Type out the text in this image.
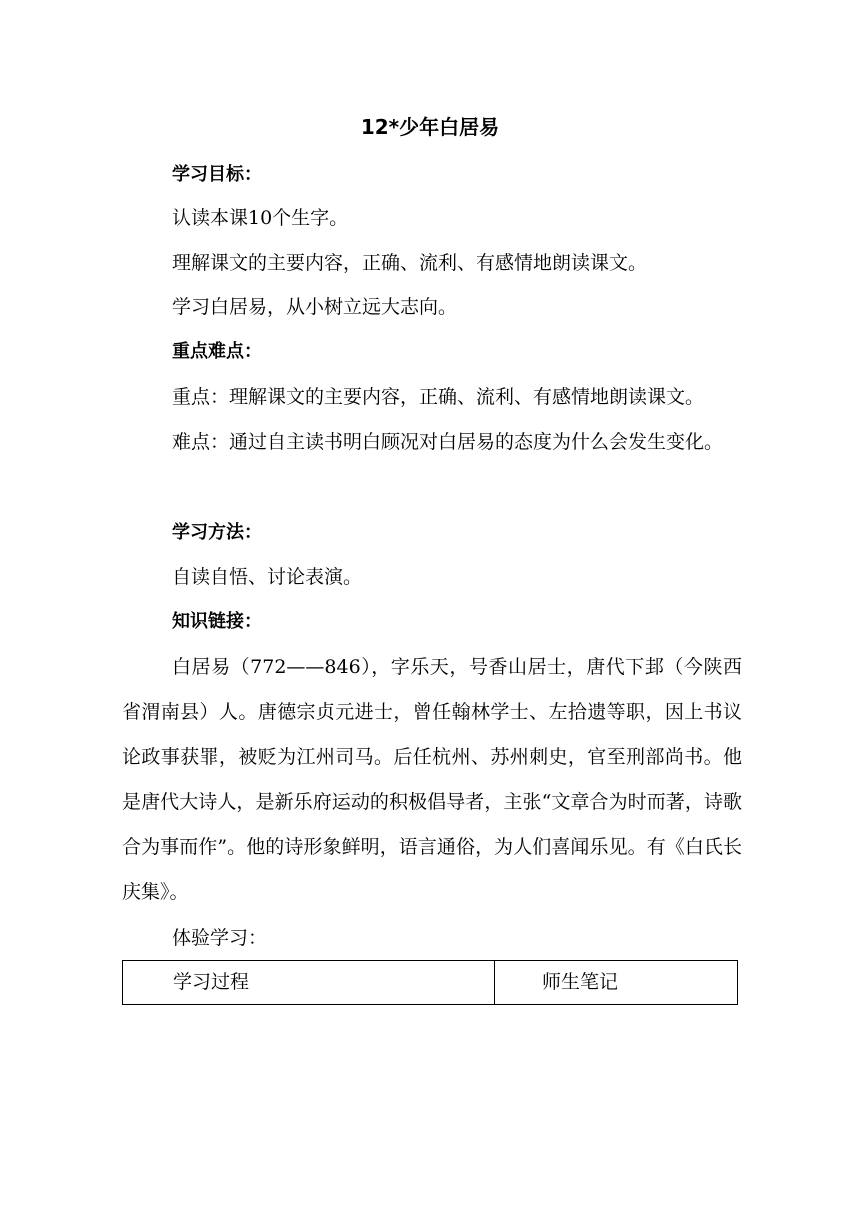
12*少年白居易
学习目标：
认读本课10个生字。
理解课文的主要内容，正确、流利、有感情地朗读课文。
学习白居易，从小树立远大志向。
重点难点：
重点：理解课文的主要内容，正确、流利、有感情地朗读课文。
难点：通过自主读书明白顾况对白居易的态度为什么会发生变化。
学习方法：
自读自悟、讨论表演。
知识链接：
白居易（772——846），字乐天，号香山居士，唐代下邽（今陕西省渭南县）人。唐德宗贞元进士，曾任翰林学士、左拾遗等职，因上书议论政事获罪，被贬为江州司马。后任杭州、苏州刺史，官至刑部尚书。他是唐代大诗人，是新乐府运动的积极倡导者，主张“文章合为时而著，诗歌合为事而作”。他的诗形象鲜明，语言通俗，为人们喜闻乐见。有《白氏长庆集》。
体验学习：
学习过程	师生笔记
